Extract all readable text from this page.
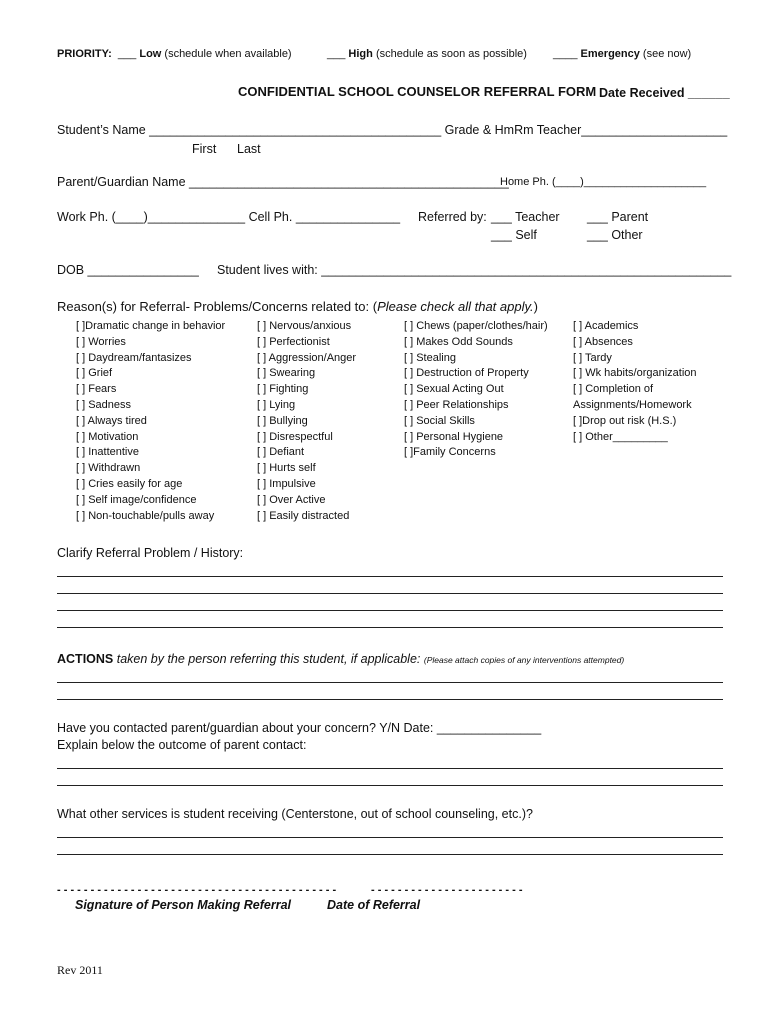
PRIORITY: ___ Low (schedule when available)	___ High (schedule as soon as possible) ____ Emergency (see now)
CONFIDENTIAL SCHOOL COUNSELOR REFERRAL FORM Date Received ______
Student’s Name __________________________________________ Grade & HmRm Teacher_____________________
First Last
Parent/Guardian Name ______________________________________________
Home Ph. (____)____________________
Work Ph. (____)______________ Cell Ph. _______________ Referred by: ___ Teacher ___ Parent
___ Self	___ Other
DOB ________________ Student lives with: ___________________________________________________________
Reason(s) for Referral- Problems/Concerns related to: (Please check all that apply.)
[ ]Dramatic change in behavior
[ ] Worries
[ ] Daydream/fantasizes
[ ] Grief
[ ] Fears
[ ] Sadness
[ ] Always tired
[ ] Motivation
[ ] Inattentive
[ ] Withdrawn
[ ] Cries easily for age
[ ] Self image/confidence
[ ] Non-touchable/pulls away
[ ] Nervous/anxious
[ ] Perfectionist
[ ] Aggression/Anger
[ ] Swearing
[ ] Fighting
[ ] Lying
[ ] Bullying
[ ] Disrespectful
[ ] Defiant
[ ] Hurts self
[ ] Impulsive
[ ] Over Active
[ ] Easily distracted
[ ] Chews (paper/clothes/hair)
[ ] Makes Odd Sounds
[ ] Stealing
[ ] Destruction of Property
[ ] Sexual Acting Out
[ ] Peer Relationships
[ ] Social Skills
[ ] Personal Hygiene
[ ]Family Concerns
[ ] Academics
[ ] Absences
[ ] Tardy
[ ] Wk habits/organization
[ ] Completion of
Assignments/Homework
[ ]Drop out risk (H.S.)
[ ] Other_________
Clarify Referral Problem / History:
ACTIONS taken by the person referring this student, if applicable: (Please attach copies of any interventions attempted)
Have you contacted parent/guardian about your concern? Y/N Date: _______________
Explain below the outcome of parent contact:
What other services is student receiving (Centerstone, out of school counseling, etc.)?
- - - - - - - - - - - - - - - - - - - - - - - - - - - - - - - - - - - - - - - - - -	- - - - - - - - - - - - - - - - - - - - - - -
Signature of Person Making Referral	Date of Referral
Rev 2011
